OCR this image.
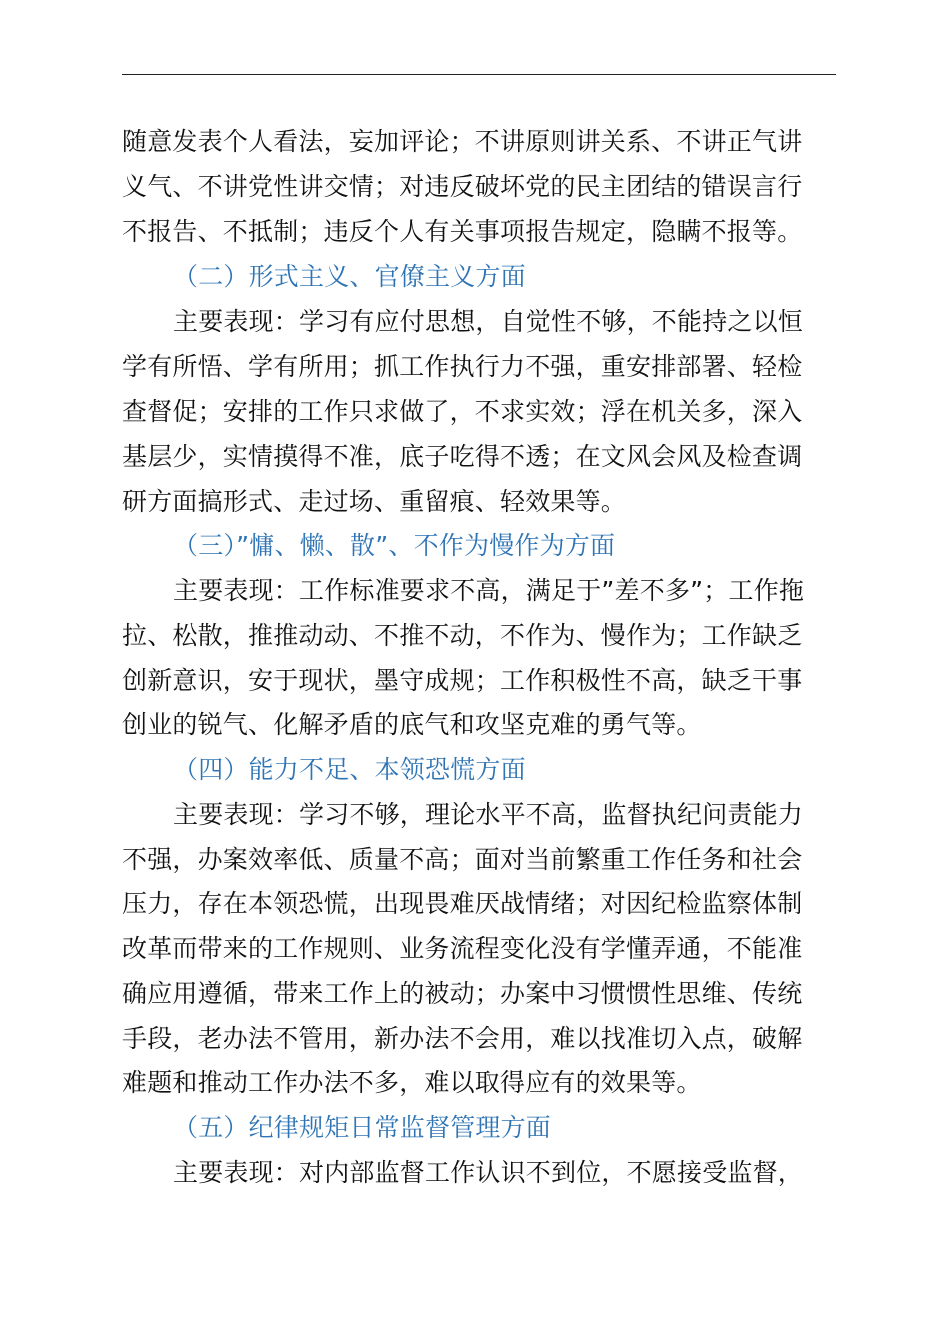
随意发表个人看法，妄加评论；不讲原则讲关系、不讲正气讲
义气、不讲党性讲交情；对违反破坏党的民主团结的错误言行
不报告、不抵制；违反个人有关事项报告规定，隐瞒不报等。
（二）形式主义、官僚主义方面
主要表现：学习有应付思想，自觉性不够，不能持之以恒
学有所悟、学有所用；抓工作执行力不强，重安排部署、轻检
查督促；安排的工作只求做了，不求实效；浮在机关多，深入
基层少，实情摸得不准，底子吃得不透；在文风会风及检查调
研方面搞形式、走过场、重留痕、轻效果等。
（三）”慵、懒、散”、不作为慢作为方面
主要表现：工作标准要求不高，满足于”差不多”；工作拖
拉、松散，推推动动、不推不动，不作为、慢作为；工作缺乏
创新意识，安于现状，墨守成规；工作积极性不高，缺乏干事
创业的锐气、化解矛盾的底气和攻坚克难的勇气等。
（四）能力不足、本领恐慌方面
主要表现：学习不够，理论水平不高，监督执纪问责能力
不强，办案效率低、质量不高；面对当前繁重工作任务和社会
压力，存在本领恐慌，出现畏难厌战情绪；对因纪检监察体制
改革而带来的工作规则、业务流程变化没有学懂弄通，不能准
确应用遵循，带来工作上的被动；办案中习惯惯性思维、传统
手段，老办法不管用，新办法不会用，难以找准切入点，破解
难题和推动工作办法不多，难以取得应有的效果等。
（五）纪律规矩日常监督管理方面
主要表现：对内部监督工作认识不到位，不愿接受监督，
